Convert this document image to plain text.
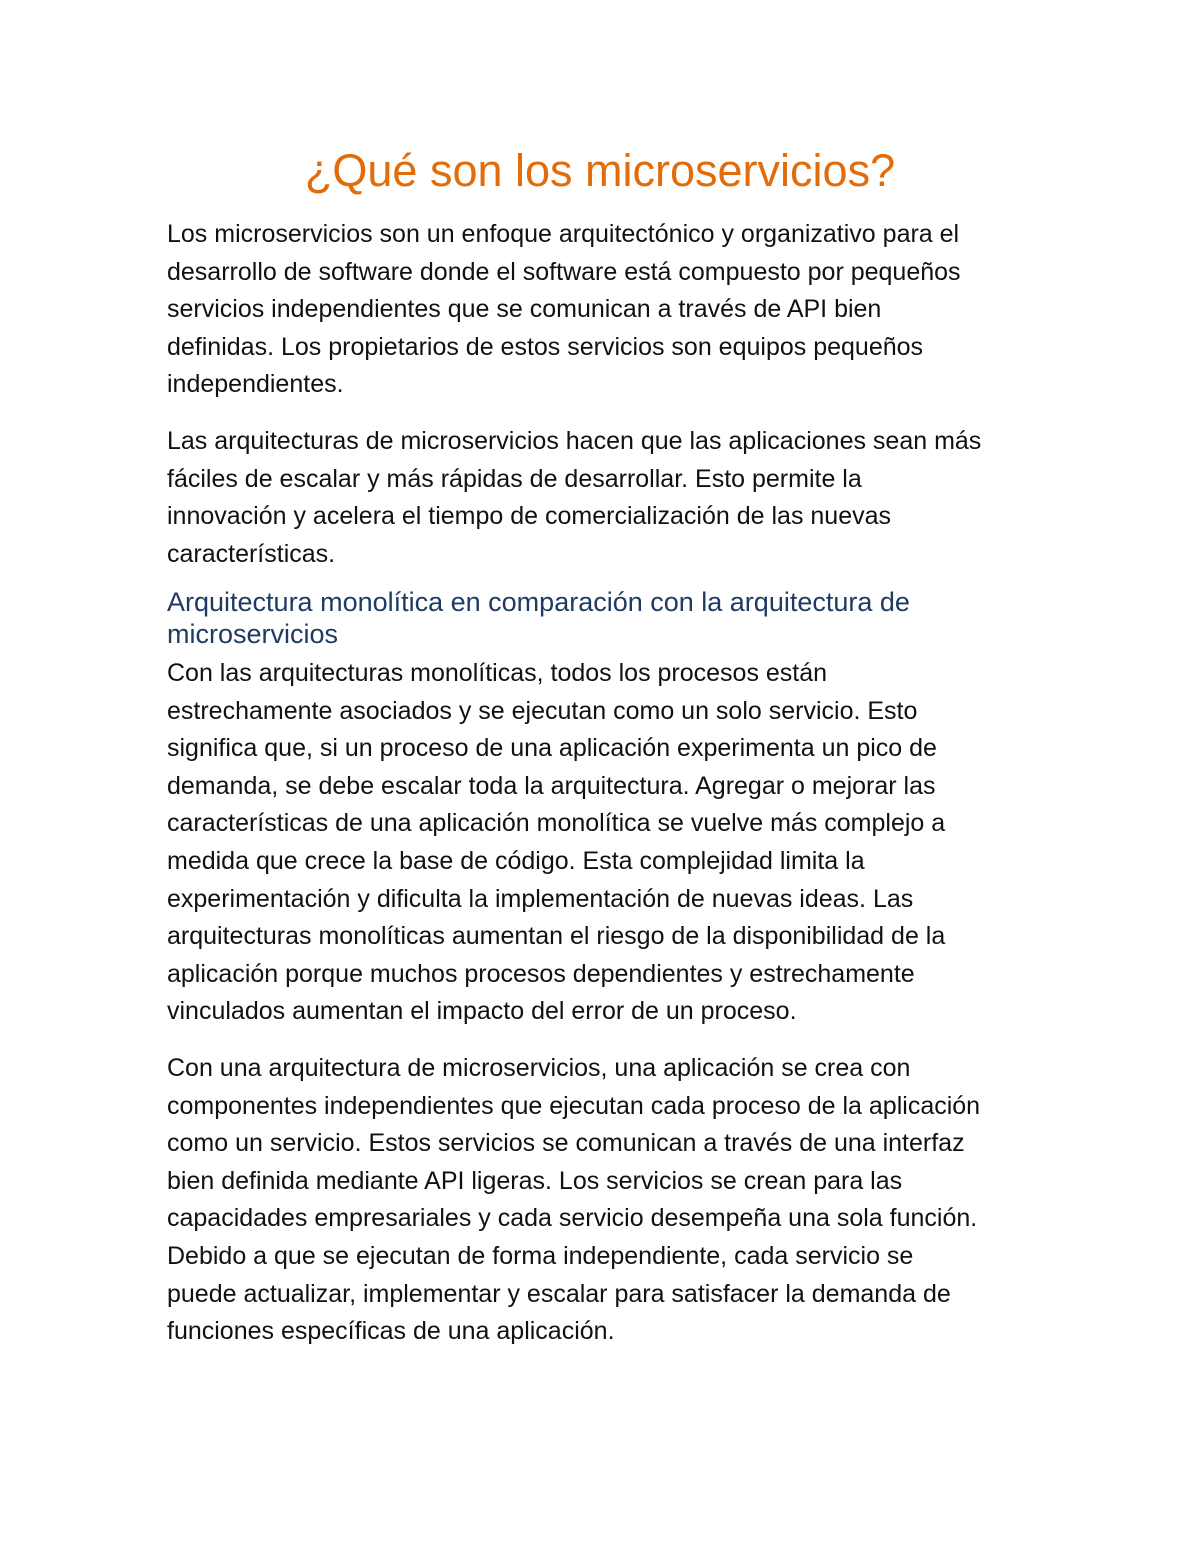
¿Qué son los microservicios?

Los microservicios son un enfoque arquitectónico y organizativo para el
desarrollo de software donde el software está compuesto por pequeños
servicios independientes que se comunican a través de API bien
definidas. Los propietarios de estos servicios son equipos pequeños
independientes.

Las arquitecturas de microservicios hacen que las aplicaciones sean más
fáciles de escalar y más rápidas de desarrollar. Esto permite la
innovación y acelera el tiempo de comercialización de las nuevas
características.

Arquitectura monolítica en comparación con la arquitectura de
microservicios

Con las arquitecturas monolíticas, todos los procesos están
estrechamente asociados y se ejecutan como un solo servicio. Esto
significa que, si un proceso de una aplicación experimenta un pico de
demanda, se debe escalar toda la arquitectura. Agregar o mejorar las
características de una aplicación monolítica se vuelve más complejo a
medida que crece la base de código. Esta complejidad limita la
experimentación y dificulta la implementación de nuevas ideas. Las
arquitecturas monolíticas aumentan el riesgo de la disponibilidad de la
aplicación porque muchos procesos dependientes y estrechamente
vinculados aumentan el impacto del error de un proceso.

Con una arquitectura de microservicios, una aplicación se crea con
componentes independientes que ejecutan cada proceso de la aplicación
como un servicio. Estos servicios se comunican a través de una interfaz
bien definida mediante API ligeras. Los servicios se crean para las
capacidades empresariales y cada servicio desempeña una sola función.
Debido a que se ejecutan de forma independiente, cada servicio se
puede actualizar, implementar y escalar para satisfacer la demanda de
funciones específicas de una aplicación.
